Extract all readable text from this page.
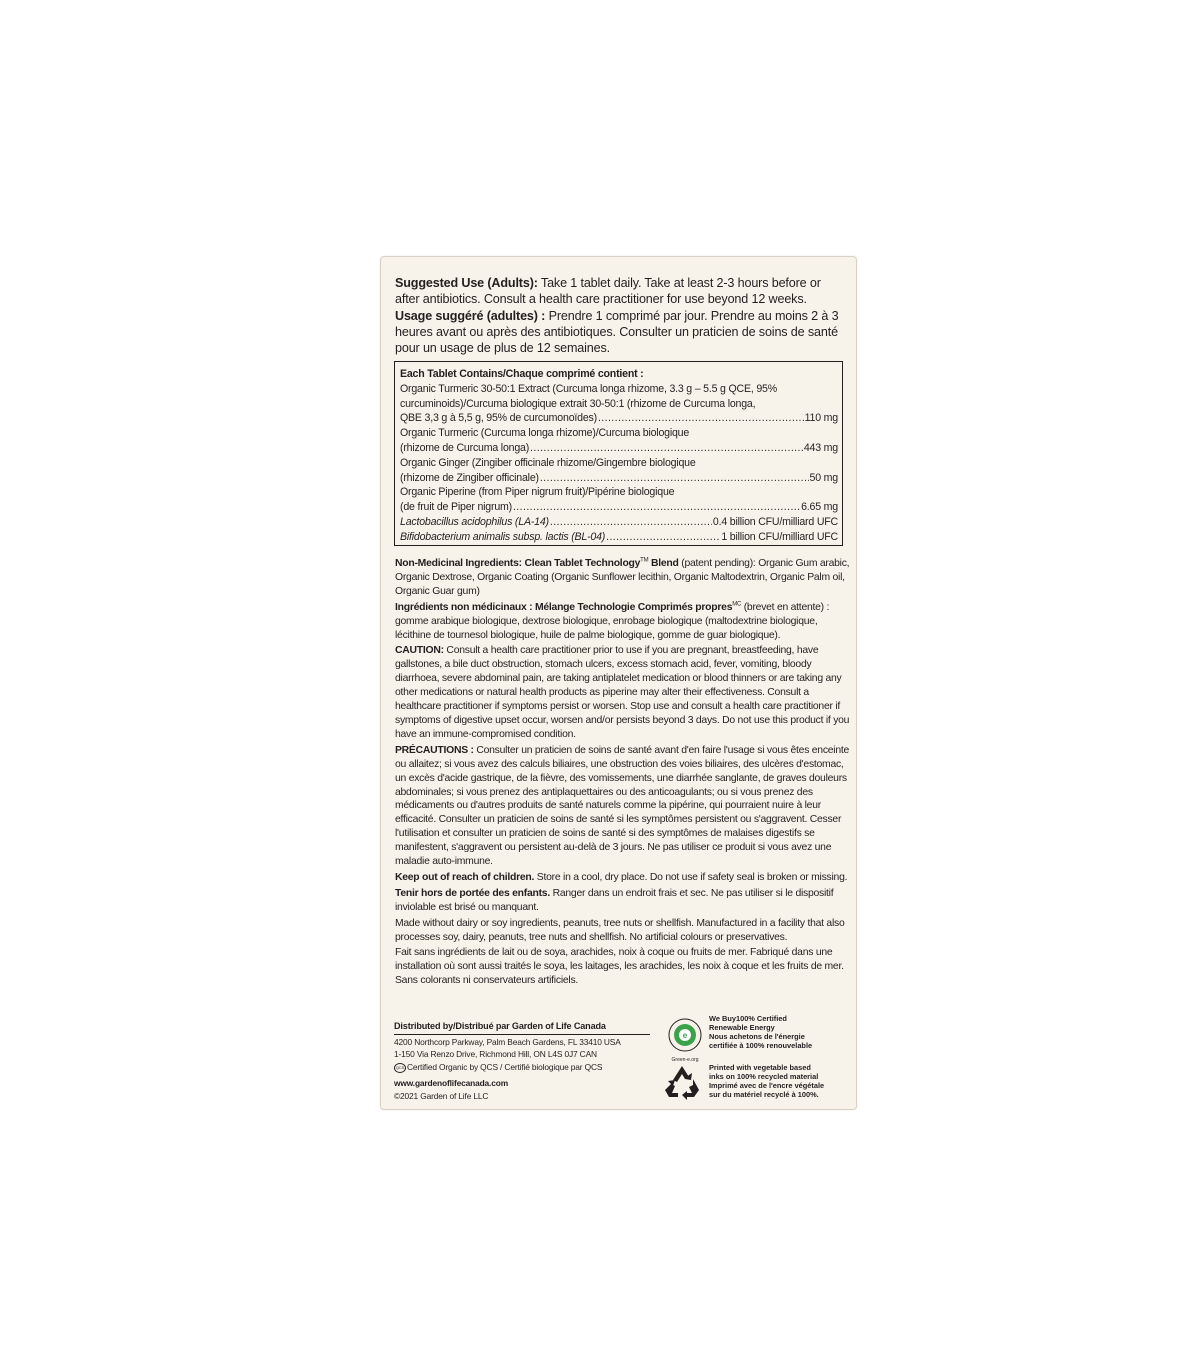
Suggested Use (Adults): Take 1 tablet daily. Take at least 2-3 hours before or after antibiotics. Consult a health care practitioner for use beyond 12 weeks.

Usage suggéré (adultes) : Prendre 1 comprimé par jour. Prendre au moins 2 à 3 heures avant ou après des antibiotiques. Consulter un praticien de soins de santé pour un usage de plus de 12 semaines.

Each Tablet Contains/Chaque comprimé contient :
Organic Turmeric 30-50:1 Extract (Curcuma longa rhizome, 3.3 g – 5.5 g QCE, 95%
curcuminoids)/Curcuma biologique extrait 30-50:1 (rhizome de Curcuma longa,
QBE 3,3 g à 5,5 g, 95% de curcumonoïdes) .....	110 mg
Organic Turmeric (Curcuma longa rhizome)/Curcuma biologique
(rhizome de Curcuma longa) .....	443 mg
Organic Ginger (Zingiber officinale rhizome/Gingembre biologique
(rhizome de Zingiber officinale) .....	50 mg
Organic Piperine (from Piper nigrum fruit)/Pipérine biologique
(de fruit de Piper nigrum) .....	6.65 mg
Lactobacillus acidophilus (LA-14) .....	0.4 billion CFU/milliard UFC
Bifidobacterium animalis subsp. lactis (BL-04) .....	1 billion CFU/milliard UFC

Non-Medicinal Ingredients: Clean Tablet Technology™ Blend (patent pending): Organic Gum arabic, Organic Dextrose, Organic Coating (Organic Sunflower lecithin, Organic Maltodextrin, Organic Palm oil, Organic Guar gum)

Ingrédients non médicinaux : Mélange Technologie Comprimés propres$^{MC}$ (brevet en attente) : gomme arabique biologique, dextrose biologique, enrobage biologique (maltodextrine biologique, lécithine de tournesol biologique, huile de palme biologique, gomme de guar biologique).

CAUTION: Consult a health care practitioner prior to use if you are pregnant, breastfeeding, have gallstones, a bile duct obstruction, stomach ulcers, excess stomach acid, fever, vomiting, bloody diarrhoea, severe abdominal pain, are taking antiplatelet medication or blood thinners or are taking any other medications or natural health products as piperine may alter their effectiveness. Consult a healthcare practitioner if symptoms persist or worsen. Stop use and consult a health care practitioner if symptoms of digestive upset occur, worsen and/or persists beyond 3 days. Do not use this product if you have an immune-compromised condition.

PRÉCAUTIONS : Consulter un praticien de soins de santé avant d'en faire l'usage si vous êtes enceinte ou allaitez; si vous avez des calculs biliaires, une obstruction des voies biliaires, des ulcères d'estomac, un excès d'acide gastrique, de la fièvre, des vomissements, une diarrhée sanglante, de graves douleurs abdominales; si vous prenez des antiplaquettaires ou des anticoagulants; ou si vous prenez des médicaments ou d'autres produits de santé naturels comme la pipérine, qui pourraient nuire à leur efficacité. Consulter un praticien de soins de santé si les symptômes persistent ou s'aggravent. Cesser l'utilisation et consulter un praticien de soins de santé si des symptômes de malaises digestifs se manifestent, s'aggravent ou persistent au-delà de 3 jours. Ne pas utiliser ce produit si vous avez une maladie auto-immune.

Keep out of reach of children. Store in a cool, dry place. Do not use if safety seal is broken or missing.

Tenir hors de portée des enfants. Ranger dans un endroit frais et sec. Ne pas utiliser si le dispositif inviolable est brisé ou manquant.

Made without dairy or soy ingredients, peanuts, tree nuts or shellfish. Manufactured in a facility that also processes soy, dairy, peanuts, tree nuts and shellfish. No artificial colours or preservatives.

Fait sans ingrédients de lait ou de soya, arachides, noix à coque ou fruits de mer. Fabriqué dans une installation où sont aussi traités le soya, les laitages, les arachides, les noix à coque et les fruits de mer. Sans colorants ni conservateurs artificiels.

Distributed by/Distribué par Garden of Life Canada
4200 Northcorp Parkway, Palm Beach Gardens, FL 33410 USA
1-150 Via Renzo Drive, Richmond Hill, ON L4S 0J7 CAN
QCS Certified Organic by QCS / Certifié biologique par QCS
www.gardenoflifecanada.com
©2021 Garden of Life LLC
e
Green-e.org

We Buy100% Certified

Renewable Energy

Nous achetons de l'énergie

certifiée à 100% renouvelable

Printed with vegetable based

inks on 100% recycled material

Imprimé avec de l'encre végétale

sur du matériel recyclé à 100%.
